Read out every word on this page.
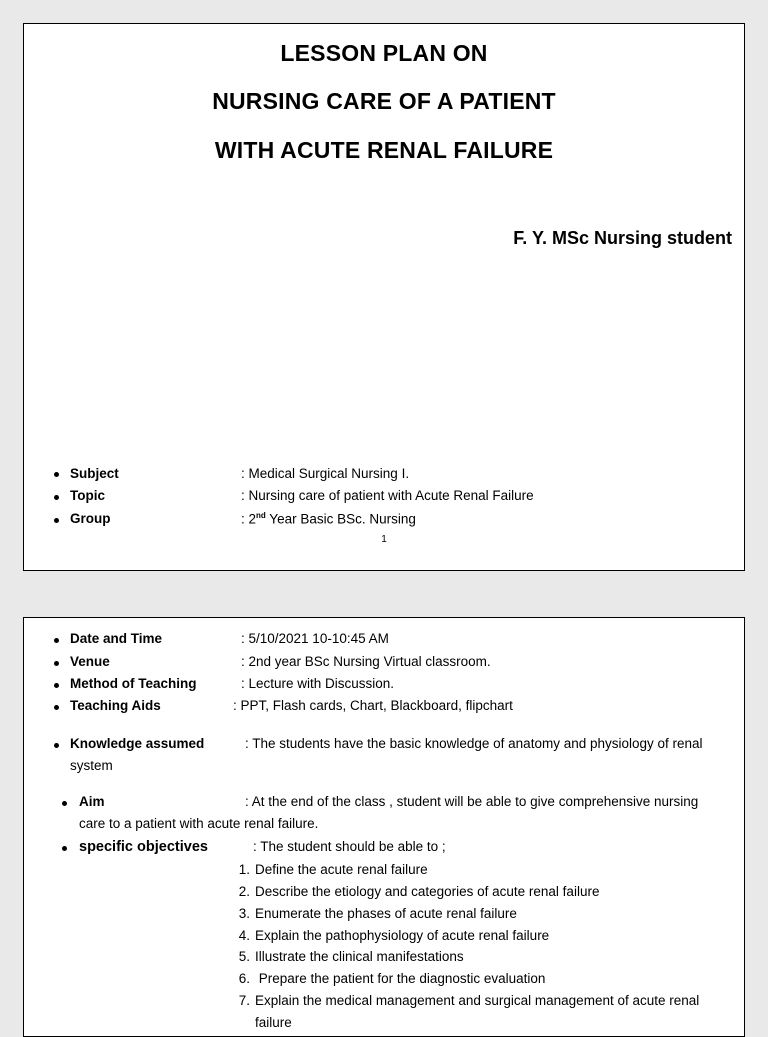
LESSON PLAN ON
NURSING CARE OF A PATIENT
WITH ACUTE RENAL FAILURE
F. Y. MSc Nursing student
Subject	: Medical Surgical Nursing I.
Topic	: Nursing care of patient with Acute Renal Failure
Group	: 2nd Year Basic BSc. Nursing
1
Date and Time	: 5/10/2021 10-10:45 AM
Venue	: 2nd year BSc Nursing Virtual classroom.
Method of Teaching	: Lecture with Discussion.
Teaching Aids	: PPT, Flash cards, Chart, Blackboard, flipchart
Knowledge assumed	: The students have the basic knowledge of anatomy and physiology of renal
system
Aim	: At the end of the class , student will be able to give comprehensive nursing
care to a patient with acute renal failure.
specific objectives	: The student should be able to ;
1. Define the acute renal failure
2. Describe the etiology and categories of acute renal failure
3. Enumerate the phases of acute renal failure
4. Explain the pathophysiology of acute renal failure
5. Illustrate the clinical manifestations
6. Prepare the patient for the diagnostic evaluation
7. Explain the medical management and surgical management of acute renal
failure
